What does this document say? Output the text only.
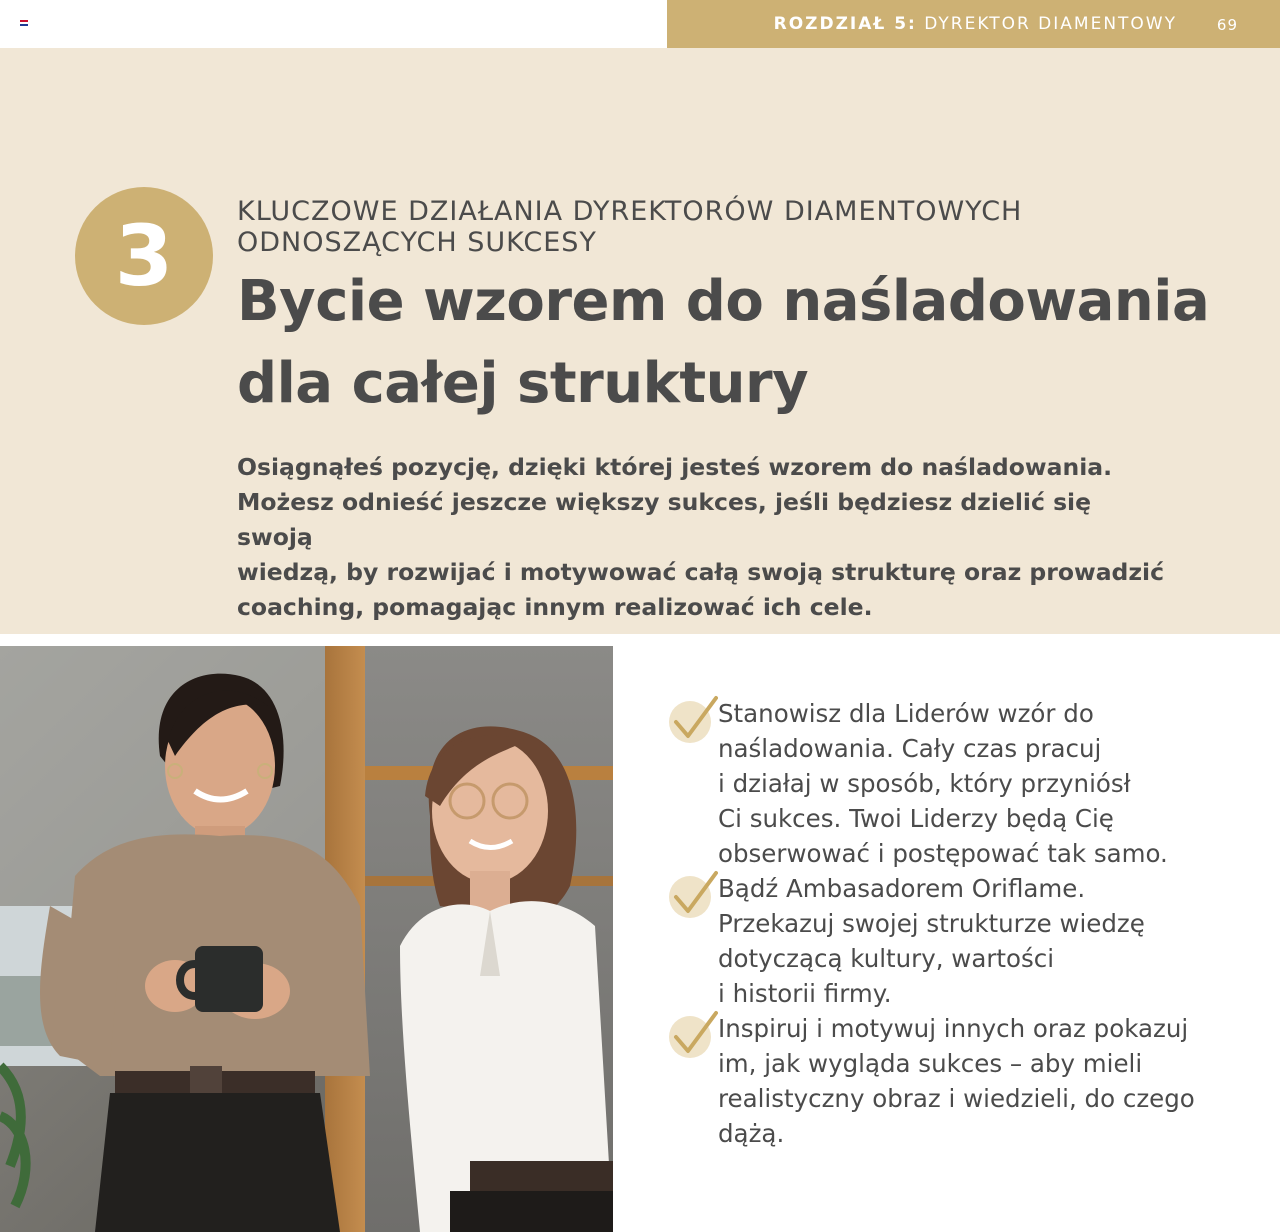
ROZDZIAŁ 5: DYREKTOR DIAMENTOWY	69
3 KLUCZOWE DZIAŁANIA DYREKTORÓW DIAMENTOWYCH
ODNOSZĄCYCH SUKCESY
Bycie wzorem do naśladowania
dla całej struktury

Osiągnąłeś pozycję, dzięki której jesteś wzorem do naśladowania.
Możesz odnieść jeszcze większy sukces, jeśli będziesz dzielić się swoją
wiedzą, by rozwijać i motywować całą swoją strukturę oraz prowadzić
coaching, pomagając innym realizować ich cele.

Stanowisz dla Liderów wzór do
naśladowania. Cały czas pracuj
i działaj w sposób, który przyniósł
Ci sukces. Twoi Liderzy będą Cię
obserwować i postępować tak samo.
Bądź Ambasadorem Oriflame.
Przekazuj swojej strukturze wiedzę
dotyczącą kultury, wartości
i historii firmy.
Inspiruj i motywuj innych oraz pokazuj
im, jak wygląda sukces – aby mieli
realistyczny obraz i wiedzieli, do czego
dążą.
